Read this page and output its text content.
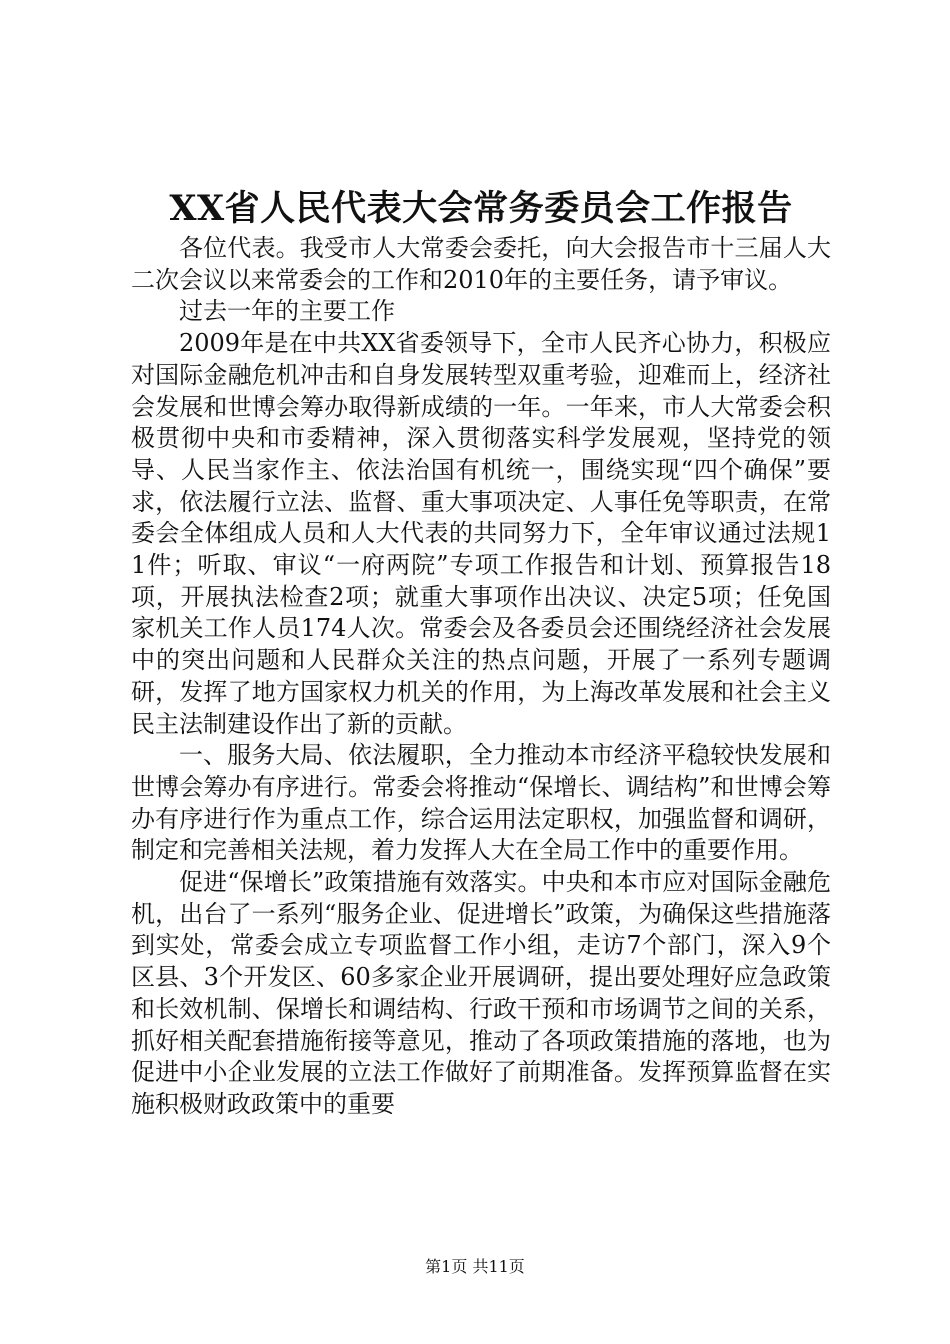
XX省人民代表大会常务委员会工作报告

各位代表。我受市人大常委会委托，向大会报告市十三届人大二次会议以来常委会的工作和2010年的主要任务，请予审议。

过去一年的主要工作

2009年是在中共XX省委领导下，全市人民齐心协力，积极应对国际金融危机冲击和自身发展转型双重考验，迎难而上，经济社会发展和世博会筹办取得新成绩的一年。一年来，市人大常委会积极贯彻中央和市委精神，深入贯彻落实科学发展观，坚持党的领导、人民当家作主、依法治国有机统一，围绕实现“四个确保”要求，依法履行立法、监督、重大事项决定、人事任免等职责，在常委会全体组成人员和人大代表的共同努力下，全年审议通过法规11件；听取、审议“一府两院”专项工作报告和计划、预算报告18项，开展执法检查2项；就重大事项作出决议、决定5项；任免国家机关工作人员174人次。常委会及各委员会还围绕经济社会发展中的突出问题和人民群众关注的热点问题，开展了一系列专题调研，发挥了地方国家权力机关的作用，为上海改革发展和社会主义民主法制建设作出了新的贡献。

一、服务大局、依法履职，全力推动本市经济平稳较快发展和世博会筹办有序进行。常委会将推动“保增长、调结构”和世博会筹办有序进行作为重点工作，综合运用法定职权，加强监督和调研，制定和完善相关法规，着力发挥人大在全局工作中的重要作用。

促进“保增长”政策措施有效落实。中央和本市应对国际金融危机，出台了一系列“服务企业、促进增长”政策，为确保这些措施落到实处，常委会成立专项监督工作小组，走访7个部门，深入9个区县、3个开发区、60多家企业开展调研，提出要处理好应急政策和长效机制、保增长和调结构、行政干预和市场调节之间的关系，抓好相关配套措施衔接等意见，推动了各项政策措施的落地，也为促进中小企业发展的立法工作做好了前期准备。发挥预算监督在实施积极财政政策中的重要

第1页 共11页
